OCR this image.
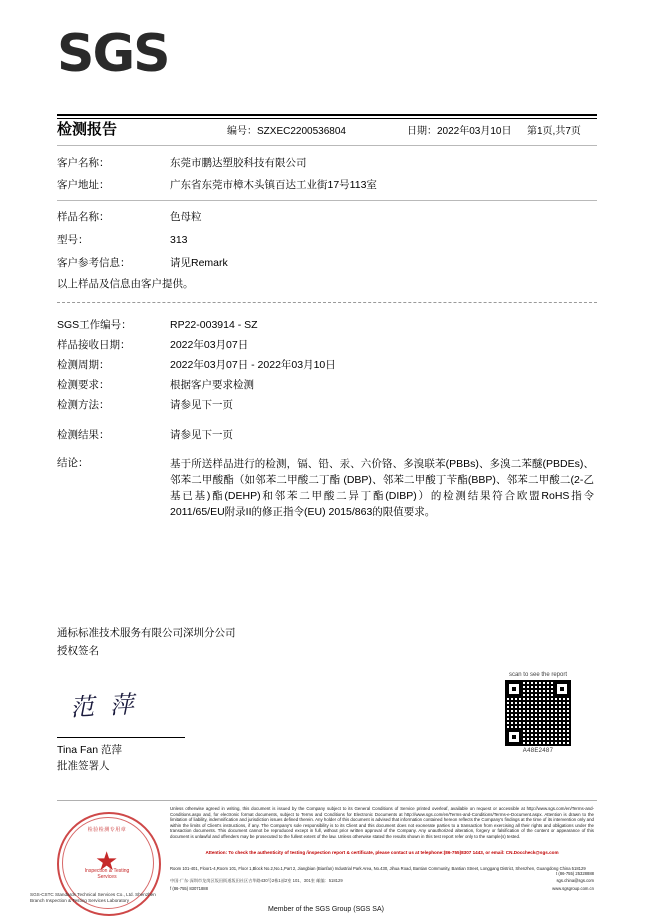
SGS
检测报告	编号：SZXEC2200536804	日期：2022年03月10日 第1页,共7页
客户名称：	东莞市鹏达塑胶科技有限公司
客户地址：	广东省东莞市樟木头镇百达工业街17号113室
样品名称：	色母粒
型号：	313
客户参考信息：	请见Remark
以上样品及信息由客户提供。
SGS工作编号：	RP22-003914 - SZ
样品接收日期：	2022年03月07日
检测周期：	2022年03月07日 - 2022年03月10日
检测要求：	根据客户要求检测
检测方法：	请参见下一页
检测结果：	请参见下一页
结论：	基于所送样品进行的检测，镉、铅、汞、六价铬、多溴联苯(PBBs)、多溴二苯醚(PBDEs)、邻苯二甲酸酯（如邻苯二甲酸二丁酯 (DBP)、邻苯二甲酸丁苄酯(BBP)、邻苯二甲酸二(2-乙基已基)酯(DEHP)和邻苯二甲酸二异丁酯(DIBP)）的检测结果符合欧盟RoHS指令2011/65/EU附录II的修正指令(EU) 2015/863的限值要求。
通标标准技术服务有限公司深圳分公司
授权签名
范 萍
Tina Fan 范萍
批准签署人
scan to see the report
A48E2487
Unless otherwise agreed in writing, this document is issued by the Company subject to its General Conditions of Service printed overleaf, available on request or accessible at http://www.sgs.com/en/Terms-and-Conditions.aspx and, for electronic format documents, subject to Terms and Conditions for Electronic Documents at http://www.sgs.com/en/Terms-and-Conditions/Terms-e-Document.aspx. Attention is drawn to the limitation of liability, indemnification and jurisdiction issues defined therein. Any holder of this document is advised that information contained hereon reflects the Company's findings at the time of its intervention only and within the limits of Client's instructions, if any. The Company's sole responsibility is to its Client and this document does not exonerate parties to a transaction from exercising all their rights and obligations under the transaction documents. This document cannot be reproduced except in full, without prior written approval of the Company. Any unauthorized alteration, forgery or falsification of the content or appearance of this document is unlawful and offenders may be prosecuted to the fullest extent of the law. Unless otherwise stated the results shown in this test report refer only to the sample(s) tested.
Attention: To check the authenticity of testing /inspection report & certificate, please contact us at telephone:(86-755)8307 1443, or email: CN.Doccheck@sgs.com
Room 101-401, Floor1-4,Room 101, Floor 1,Block No.2,No.1,Part 2, Jiangbian (Bianfan) Industrial Park Area, No.430, Jihua Road, Bantian Community, Bantian Street, Longgang District, Shenzhen, Guangdong China 518129
t (86-755) 25328888
中国·广东·深圳市龙岗区坂田街道坂田社区吉华路430号2栋1部2室 101、301室 邮编：518129	sgs.china@sgs.com
www.sgsgroup.com.cn
f (86-755) 83071888
Member of the SGS Group (SGS SA)
检验检测专用章
Inspection & Testing Services
SGS-CSTC Standards Technical Services Co., Ltd. Shenzhen Branch Inspection & Testing Services Laboratory
